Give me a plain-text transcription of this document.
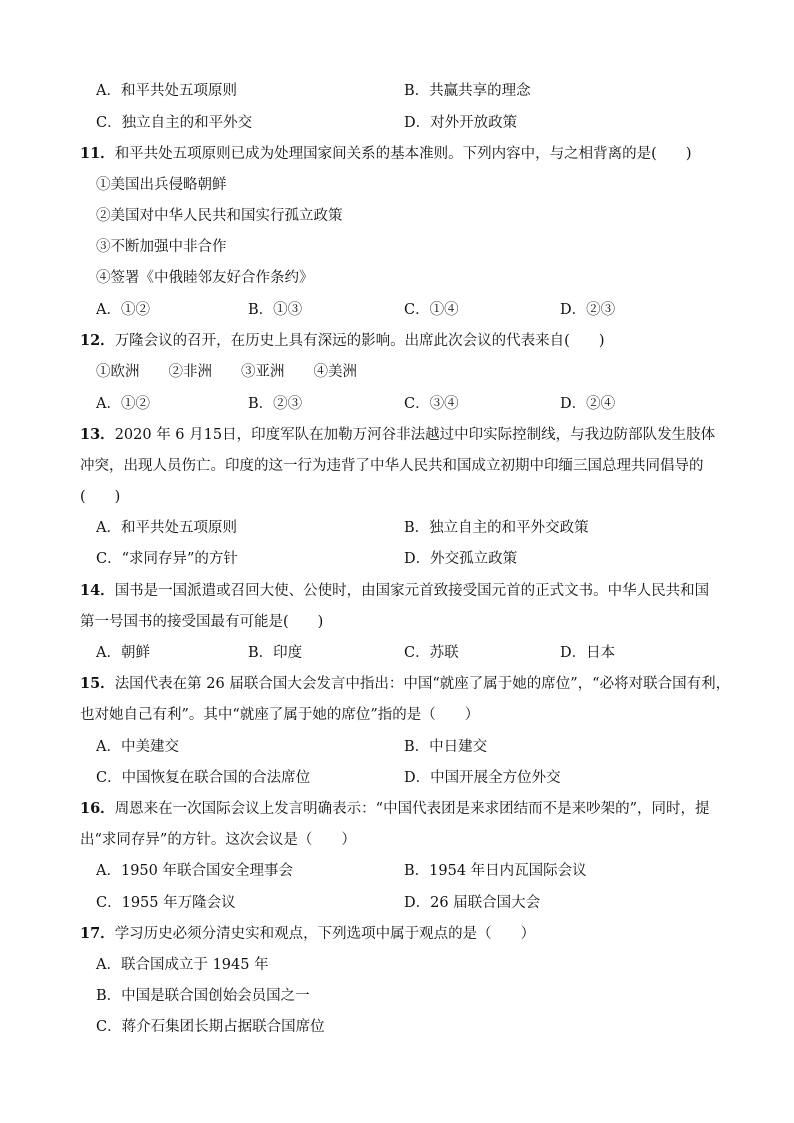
A．和平共处五项原则	B．共赢共享的理念
C．独立自主的和平外交	D．对外开放政策
11．和平共处五项原则已成为处理国家间关系的基本准则。下列内容中，与之相背离的是(　　)
①美国出兵侵略朝鲜
②美国对中华人民共和国实行孤立政策
③不断加强中非合作
④签署《中俄睦邻友好合作条约》
A．①②	B．①③	C．①④	D．②③
12．万隆会议的召开，在历史上具有深远的影响。出席此次会议的代表来自(　　)
①欧洲　　②非洲　　③亚洲　　④美洲
A．①②	B．②③	C．③④	D．②④
13．2020 年 6 月15日，印度军队在加勒万河谷非法越过中印实际控制线，与我边防部队发生肢体
冲突，出现人员伤亡。印度的这一行为违背了中华人民共和国成立初期中印缅三国总理共同倡导的
(　　)
A．和平共处五项原则	B．独立自主的和平外交政策
C．“求同存异”的方针	D．外交孤立政策
14．国书是一国派遣或召回大使、公使时，由国家元首致接受国元首的正式文书。中华人民共和国
第一号国书的接受国最有可能是(　　)
A．朝鲜	B．印度	C．苏联	D．日本
15．法国代表在第 26 届联合国大会发言中指出：中国“就座了属于她的席位”，“必将对联合国有利，
也对她自己有利”。其中“就座了属于她的席位”指的是（　　）
A．中美建交	B．中日建交
C．中国恢复在联合国的合法席位	D．中国开展全方位外交
16．周恩来在一次国际会议上发言明确表示：“中国代表团是来求团结而不是来吵架的”，同时，提
出“求同存异”的方针。这次会议是（　　）
A．1950 年联合国安全理事会	B．1954 年日内瓦国际会议
C．1955 年万隆会议	D．26 届联合国大会
17．学习历史必须分清史实和观点，下列选项中属于观点的是（　　）
A．联合国成立于 1945 年
B．中国是联合国创始会员国之一
C．蒋介石集团长期占据联合国席位
